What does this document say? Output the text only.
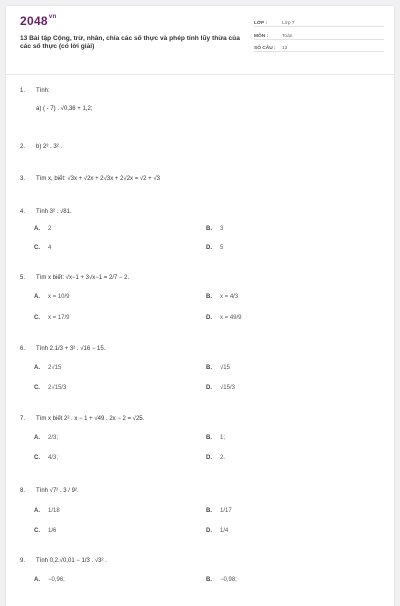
$2048^{vn}$
13 Bài tập Cộng, trừ, nhân, chia các số thực và phép tính lũy thừa của các số thực (có lời giải)
LỚP :	Lớp 7
MÔN :	Toán
SỐ CÂU :	13
1.	Tính:
a) ( - 7) . √0,36 + 1,2;
2.	b) 2³ . 3² .
3.	Tìm x, biết: √3x + √2x + 2√3x + 2√2x = √2 + √3
4.	Tính 3² . √81.
A.	2	B.	3
C.	4	D.	5
5.	Tìm x biết: √x−1 + 3√x−1 = 2/7 − 2.
A.	x = 10/9	B.	x = 4/3
C.	x = 17/9	D.	x = 49/9
6.	Tính 2.1/3 + 3² . √16 − 15.
A.	2√15	B.	√15
C.	2√15/3	D.	√15/3
7.	Tìm x biết 2² . x − 1 + √49 . 2x − 2 = √25.
A.	2/3;	B.	1;
C.	4/3;	D.	2.
8.	Tính √7² . 3 / 9².
A.	1/18	B.	1/17
C.	1/6	D.	1/4
9.	Tính 0,2.√0,01 − 1/3 . √3² .
A.	−0,96;	B.	−0,98;
